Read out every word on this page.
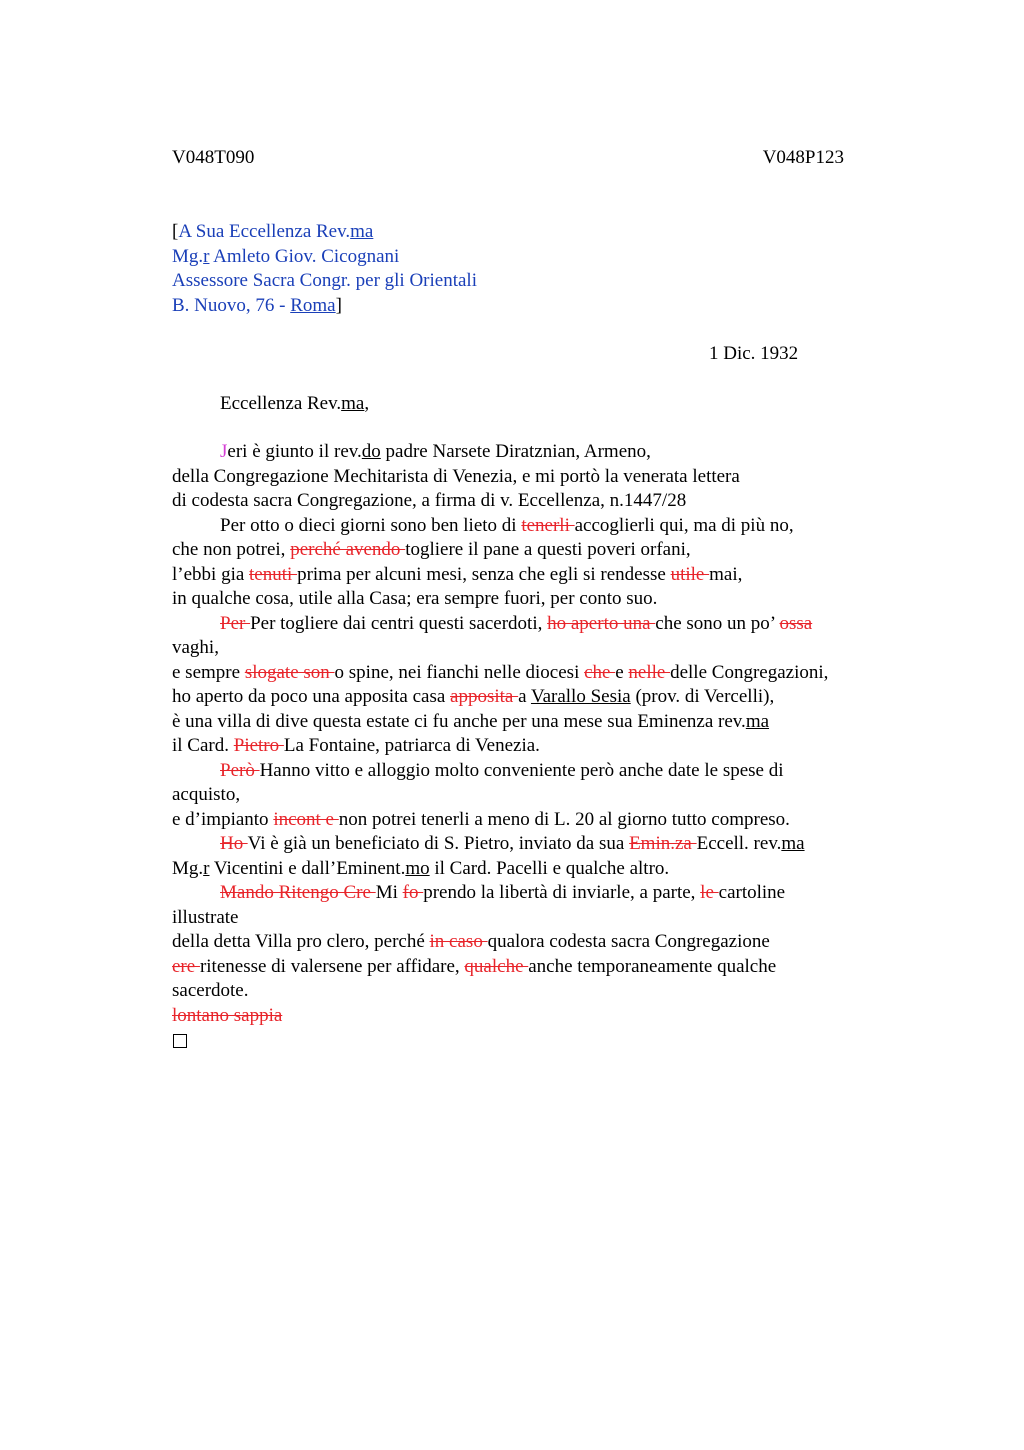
V048T090	V048P123
[A Sua Eccellenza Rev.ma
Mg.r Amleto Giov. Cicognani
Assessore Sacra Congr. per gli Orientali
B. Nuovo, 76 - Roma]
1 Dic. 1932
Eccellenza Rev.ma,
Jeri è giunto il rev.do padre Narsete Diratznian, Armeno,
della Congregazione Mechitarista di Venezia, e mi portò la venerata lettera
di codesta sacra Congregazione, a firma di v. Eccellenza, n.1447/28
Per otto o dieci giorni sono ben lieto di tenerli accoglierli qui, ma di più no,
che non potrei, perché avendo togliere il pane a questi poveri orfani,
l’ebbi gia tenuti prima per alcuni mesi, senza che egli si rendesse utile mai,
in qualche cosa, utile alla Casa; era sempre fuori, per conto suo.
Per Per togliere dai centri questi sacerdoti, ho aperto una che sono un po’ ossa
vaghi,
e sempre slogate son o spine, nei fianchi nelle diocesi che e nelle delle Congregazioni,
ho aperto da poco una apposita casa apposita a Varallo Sesia (prov. di Vercelli),
è una villa di dive questa estate ci fu anche per una mese sua Eminenza rev.ma
il Card. Pietro La Fontaine, patriarca di Venezia.
Però Hanno vitto e alloggio molto conveniente però anche date le spese di
acquisto,
e d’impianto incont e non potrei tenerli a meno di L. 20 al giorno tutto compreso.
Ho Vi è già un beneficiato di S. Pietro, inviato da sua Emin.za Eccell. rev.ma
Mg.r Vicentini e dall’Eminent.mo il Card. Pacelli e qualche altro.
Mando Ritengo Cre Mi fo prendo la libertà di inviarle, a parte, le cartoline
illustrate
della detta Villa pro clero, perché in caso qualora codesta sacra Congregazione
ere ritenesse di valersene per affidare, qualche anche temporaneamente qualche
sacerdote.
lontano sappia
